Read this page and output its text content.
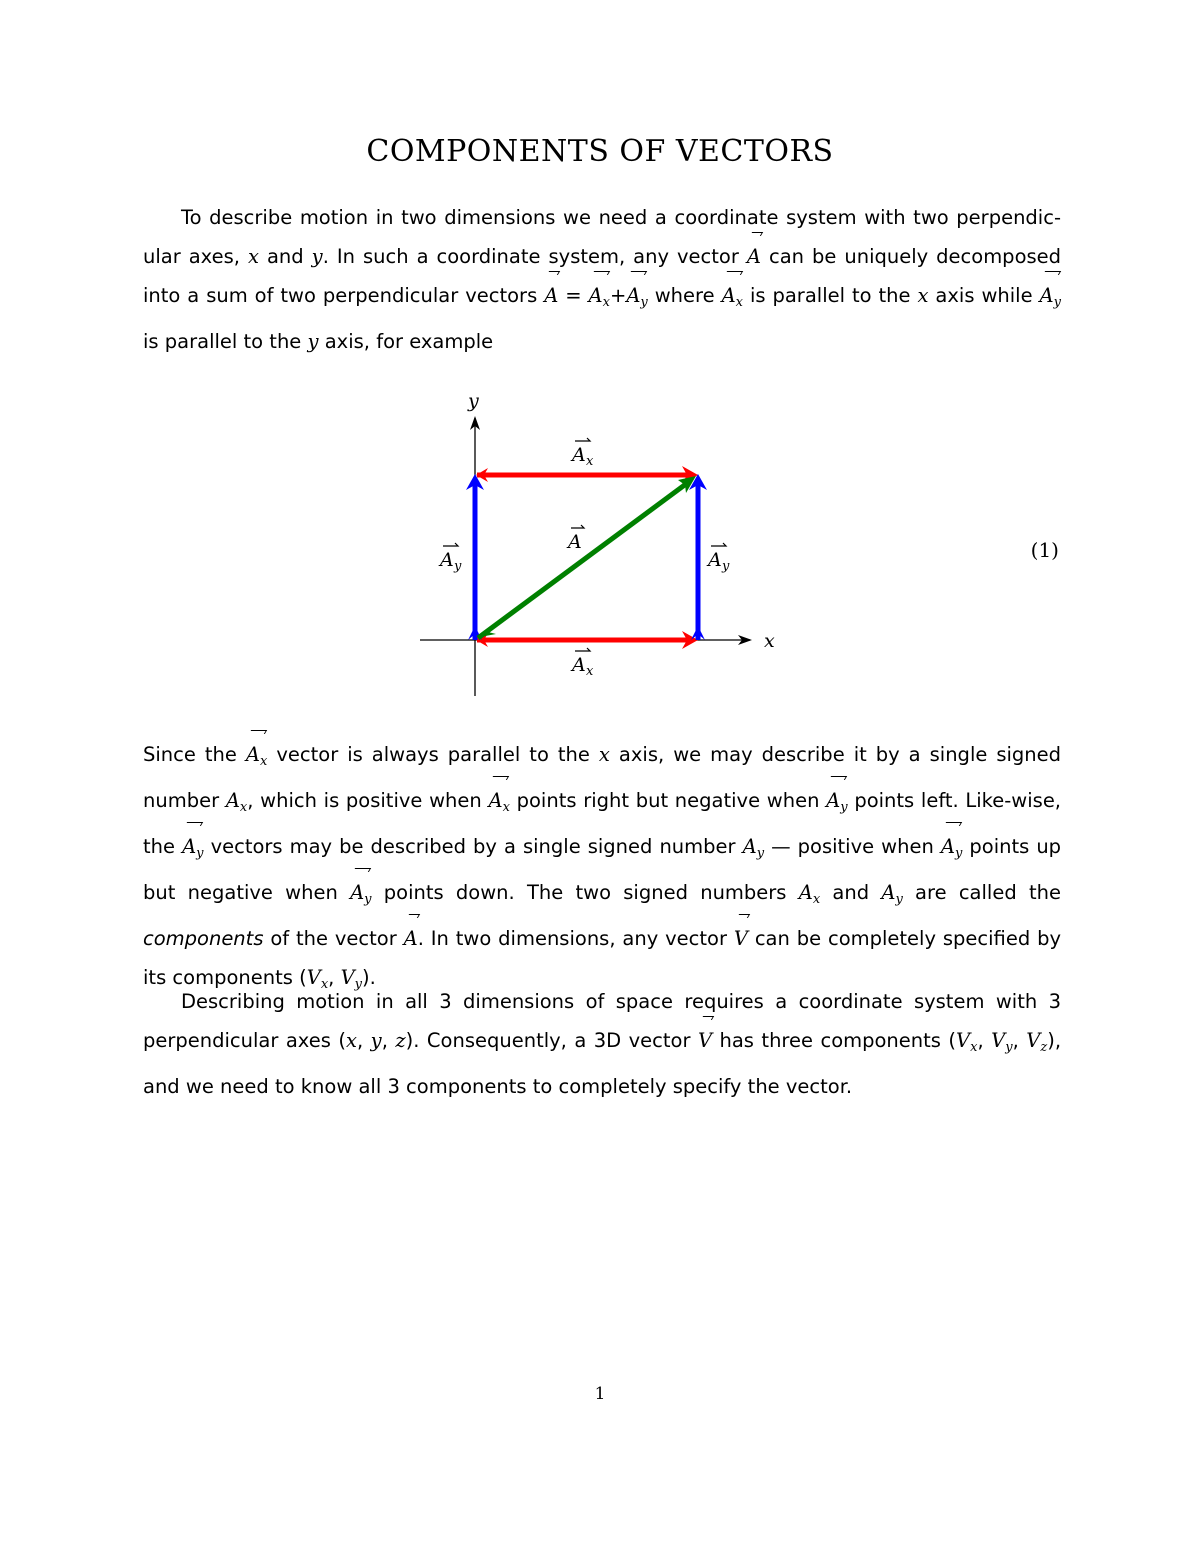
COMPONENTS OF VECTORS
To describe motion in two dimensions we need a coordinate system with two perpendic-ular axes, x and y. In such a coordinate system, any vector A can be uniquely decomposed into a sum of two perpendicular vectors $A = A_x+A_y$ where $A_x$ is parallel to the x axis while $A_y$ is parallel to the y axis, for example
x
y
A x
A
A y	A y
A x
(1)
Since the $A_x$ vector is always parallel to the x axis, we may describe it by a single signed number $A_x$, which is positive when $A_x$ points right but negative when $A_y$ points left. Like-wise, the $A_y$ vectors may be described by a single signed number $A_y$ — positive when $A_y$ points up but negative when $A_y$ points down. The two signed numbers $A_x$ and $A_y$ are called the components of the vector A. In two dimensions, any vector V can be completely specified by its components ($V_x$, $V_y$).
Describing motion in all 3 dimensions of space requires a coordinate system with 3 perpendicular axes (x, y, z). Consequently, a 3D vector V has three components ($V_x$, $V_y$, $V_z$), and we need to know all 3 components to completely specify the vector.
1
